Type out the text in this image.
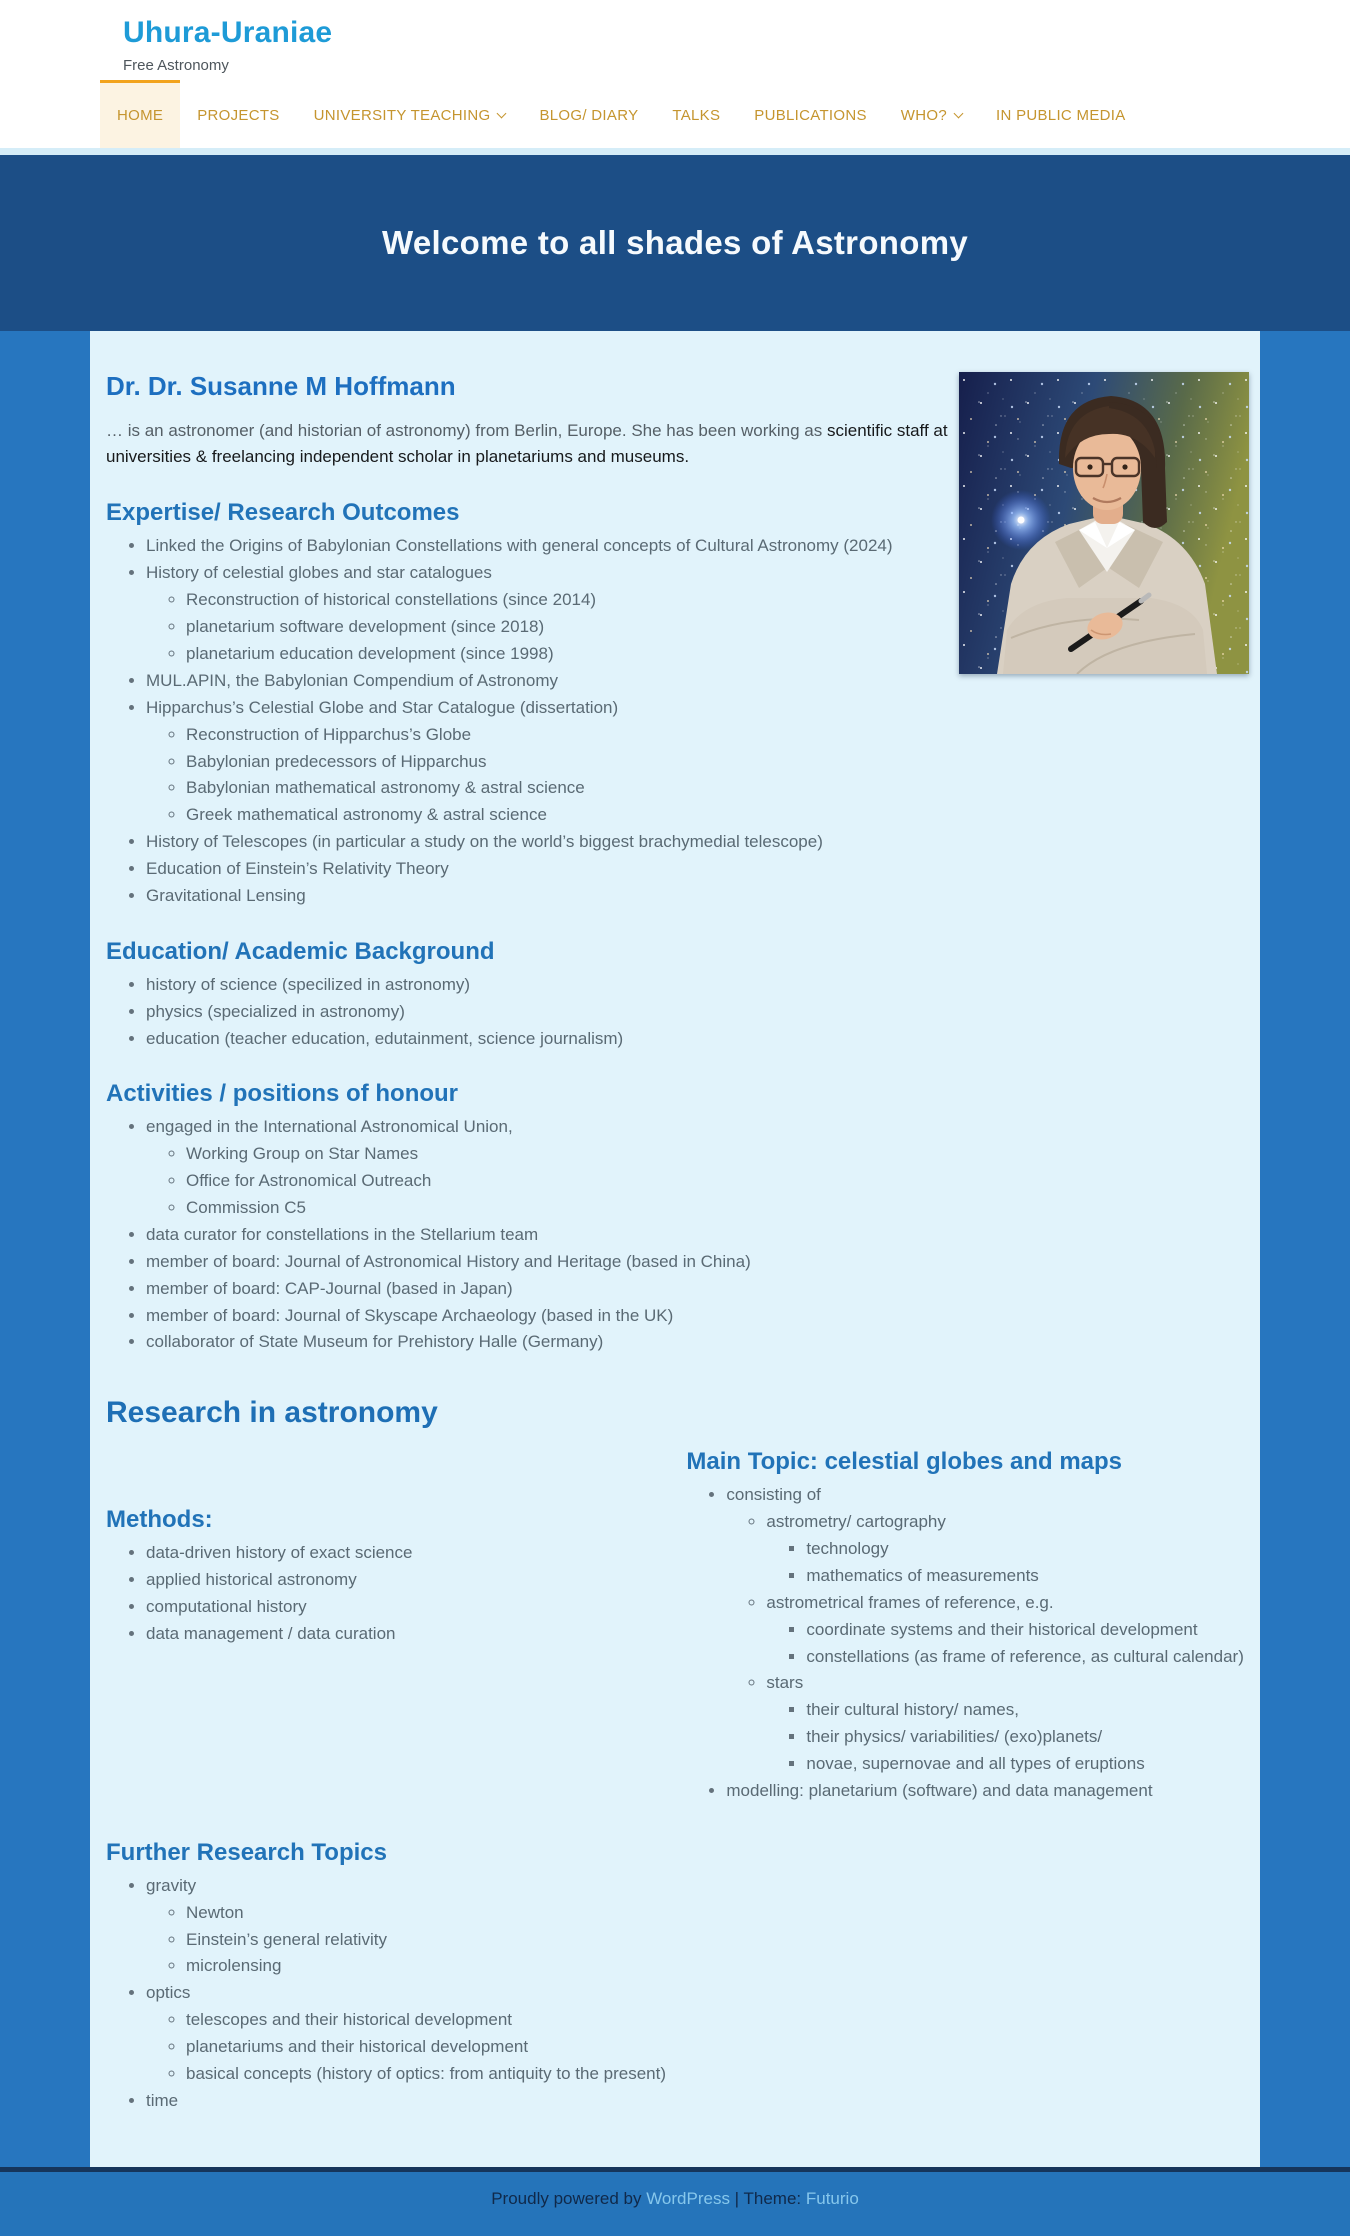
Uhura-Uraniae
Free Astronomy
HOME	PROJECTS	UNIVERSITY TEACHING	BLOG/ DIARY	TALKS	PUBLICATIONS	WHO?	IN PUBLIC MEDIA
Welcome to all shades of Astronomy
Dr. Dr. Susanne M Hoffmann

… is an astronomer (and historian of astronomy) from Berlin, Europe. She has been working as scientific staff at universities & freelancing independent scholar in planetariums and museums.

Expertise/ Research Outcomes
• Linked the Origins of Babylonian Constellations with general concepts of Cultural Astronomy (2024)
• History of celestial globes and star catalogues
◦ Reconstruction of historical constellations (since 2014)
◦ planetarium software development (since 2018)
◦ planetarium education development (since 1998)
• MUL.APIN, the Babylonian Compendium of Astronomy
• Hipparchus’s Celestial Globe and Star Catalogue (dissertation)
◦ Reconstruction of Hipparchus’s Globe
◦ Babylonian predecessors of Hipparchus
◦ Babylonian mathematical astronomy & astral science
◦ Greek mathematical astronomy & astral science
• History of Telescopes (in particular a study on the world’s biggest brachymedial telescope)
• Education of Einstein’s Relativity Theory
• Gravitational Lensing
Education/ Academic Background
• history of science (specilized in astronomy)
• physics (specialized in astronomy)
• education (teacher education, edutainment, science journalism)
Activities / positions of honour
• engaged in the International Astronomical Union,
◦ Working Group on Star Names
◦ Office for Astronomical Outreach
◦ Commission C5
• data curator for constellations in the Stellarium team
• member of board: Journal of Astronomical History and Heritage (based in China)
• member of board: CAP-Journal (based in Japan)
• member of board: Journal of Skyscape Archaeology (based in the UK)
• collaborator of State Museum for Prehistory Halle (Germany)
Research in astronomy
Methods:
• data-driven history of exact science
• applied historical astronomy
• computational history
• data management / data curation
Main Topic: celestial globes and maps
• consisting of
◦ astrometry/ cartography
▪ technology
▪ mathematics of measurements
◦ astrometrical frames of reference, e.g.
▪ coordinate systems and their historical development
▪ constellations (as frame of reference, as cultural calendar)
◦ stars
▪ their cultural history/ names,
▪ their physics/ variabilities/ (exo)planets/
▪ novae, supernovae and all types of eruptions
• modelling: planetarium (software) and data management
Further Research Topics
• gravity
◦ Newton
◦ Einstein’s general relativity
◦ microlensing
• optics
◦ telescopes and their historical development
◦ planetariums and their historical development
◦ basical concepts (history of optics: from antiquity to the present)
• time
Proudly powered by WordPress | Theme: Futurio
